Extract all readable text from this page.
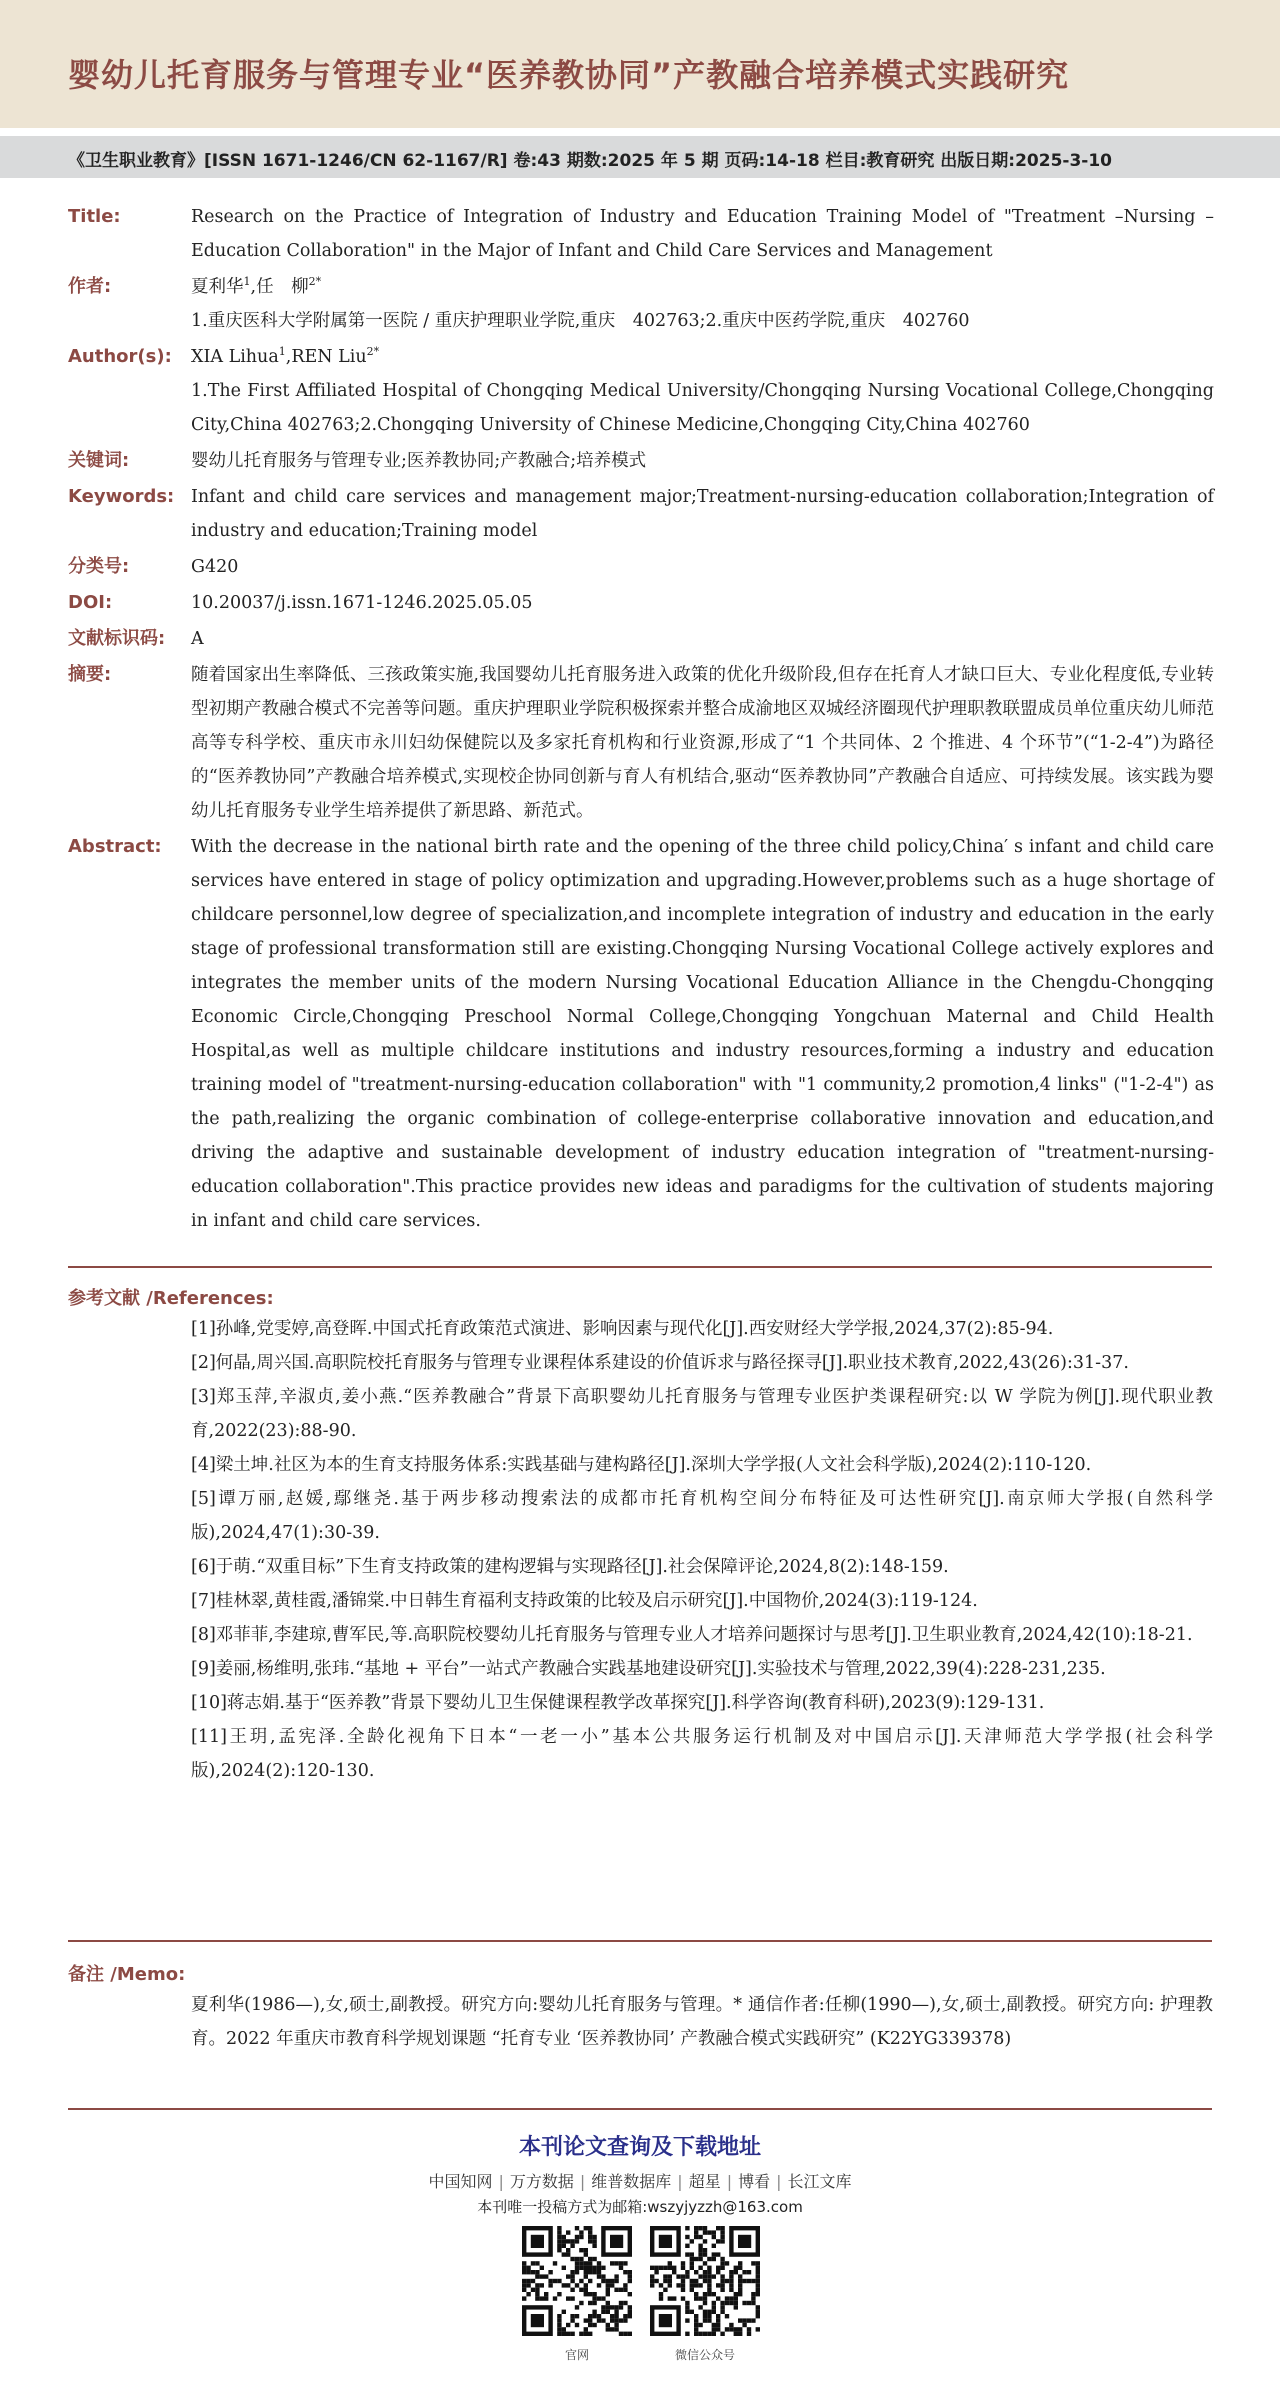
婴幼儿托育服务与管理专业“医养教协同”产教融合培养模式实践研究
《卫生职业教育》[ISSN 1671-1246/CN 62-1167/R] 卷:43 期数:2025 年 5 期 页码:14-18 栏目:教育研究 出版日期:2025-3-10
Title:	Research on the Practice of Integration of Industry and Education Training Model of "Treatment –Nursing –Education Collaboration" in the Major of Infant and Child Care Services and Management
作者:	夏利华$^1$,任　柳$^{2*}$
1.重庆医科大学附属第一医院 / 重庆护理职业学院,重庆　402763;2.重庆中医药学院,重庆　402760
Author(s):	XIA Lihua$^1$,REN Liu$^{2*}$
1.The First Affiliated Hospital of Chongqing Medical University/Chongqing Nursing Vocational College,Chongqing City,China 402763;2.Chongqing University of Chinese Medicine,Chongqing City,China 402760
关键词:	婴幼儿托育服务与管理专业;医养教协同;产教融合;培养模式
Keywords: Infant and child care services and management major;Treatment-nursing-education collaboration;Integration of industry and education;Training model
分类号:	G420
DOI:	10.20037/j.issn.1671-1246.2025.05.05
文献标识码:	A
摘要:	随着国家出生率降低、三孩政策实施,我国婴幼儿托育服务进入政策的优化升级阶段,但存在托育人才缺口巨大、专业化程度低,专业转型初期产教融合模式不完善等问题。重庆护理职业学院积极探索并整合成渝地区双城经济圈现代护理职教联盟成员单位重庆幼儿师范高等专科学校、重庆市永川妇幼保健院以及多家托育机构和行业资源,形成了“1 个共同体、2 个推进、4 个环节”(“1-2-4”)为路径的“医养教协同”产教融合培养模式,实现校企协同创新与育人有机结合,驱动“医养教协同”产教融合自适应、可持续发展。该实践为婴幼儿托育服务专业学生培养提供了新思路、新范式。
Abstract:	With the decrease in the national birth rate and the opening of the three child policy,China′ s infant and child care services have entered in stage of policy optimization and upgrading.However,problems such as a huge shortage of childcare personnel,low degree of specialization,and incomplete integration of industry and education in the early stage of professional transformation still are existing.Chongqing Nursing Vocational College actively explores and integrates the member units of the modern Nursing Vocational Education Alliance in the Chengdu-Chongqing Economic Circle,Chongqing Preschool Normal College,Chongqing Yongchuan Maternal and Child Health Hospital,as well as multiple childcare institutions and industry resources,forming a industry and education training model of "treatment-nursing-education collaboration" with "1 community,2 promotion,4 links" ("1-2-4") as the path,realizing the organic combination of college-enterprise collaborative innovation and education,and driving the adaptive and sustainable development of industry education integration of "treatment-nursing-education collaboration".This practice provides new ideas and paradigms for the cultivation of students majoring in infant and child care services.
参考文献 /References:
[1]孙峰,党雯婷,高登晖.中国式托育政策范式演进、影响因素与现代化[J].西安财经大学学报,2024,37(2):85-94.
[2]何晶,周兴国.高职院校托育服务与管理专业课程体系建设的价值诉求与路径探寻[J].职业技术教育,2022,43(26):31-37.
[3]郑玉萍,辛淑贞,姜小燕.“医养教融合”背景下高职婴幼儿托育服务与管理专业医护类课程研究:以 W 学院为例[J].现代职业教育,2022(23):88-90.
[4]梁土坤.社区为本的生育支持服务体系:实践基础与建构路径[J].深圳大学学报(人文社会科学版),2024(2):110-120.
[5]谭万丽,赵媛,鄢继尧.基于两步移动搜索法的成都市托育机构空间分布特征及可达性研究[J].南京师大学报(自然科学版),2024,47(1):30-39.
[6]于萌.“双重目标”下生育支持政策的建构逻辑与实现路径[J].社会保障评论,2024,8(2):148-159.
[7]桂林翠,黄桂霞,潘锦棠.中日韩生育福利支持政策的比较及启示研究[J].中国物价,2024(3):119-124.
[8]邓菲菲,李建琼,曹军民,等.高职院校婴幼儿托育服务与管理专业人才培养问题探讨与思考[J].卫生职业教育,2024,42(10):18-21.
[9]姜丽,杨维明,张玮.“基地 + 平台”一站式产教融合实践基地建设研究[J].实验技术与管理,2022,39(4):228-231,235.
[10]蒋志娟.基于“医养教”背景下婴幼儿卫生保健课程教学改革探究[J].科学咨询(教育科研),2023(9):129-131.
[11]王玥,孟宪泽.全龄化视角下日本“一老一小”基本公共服务运行机制及对中国启示[J].天津师范大学学报(社会科学版),2024(2):120-130.
备注 /Memo:
夏利华(1986—),女,硕士,副教授。研究方向:婴幼儿托育服务与管理。* 通信作者:任柳(1990—),女,硕士,副教授。研究方向: 护理教育。2022 年重庆市教育科学规划课题 “托育专业 ‘医养教协同’ 产教融合模式实践研究” (K22YG339378)
本刊论文查询及下载地址
中国知网 | 万方数据 | 维普数据库 | 超星 | 博看 | 长江文库
本刊唯一投稿方式为邮箱:wszyjyzzh@163.com
官网	微信公众号
